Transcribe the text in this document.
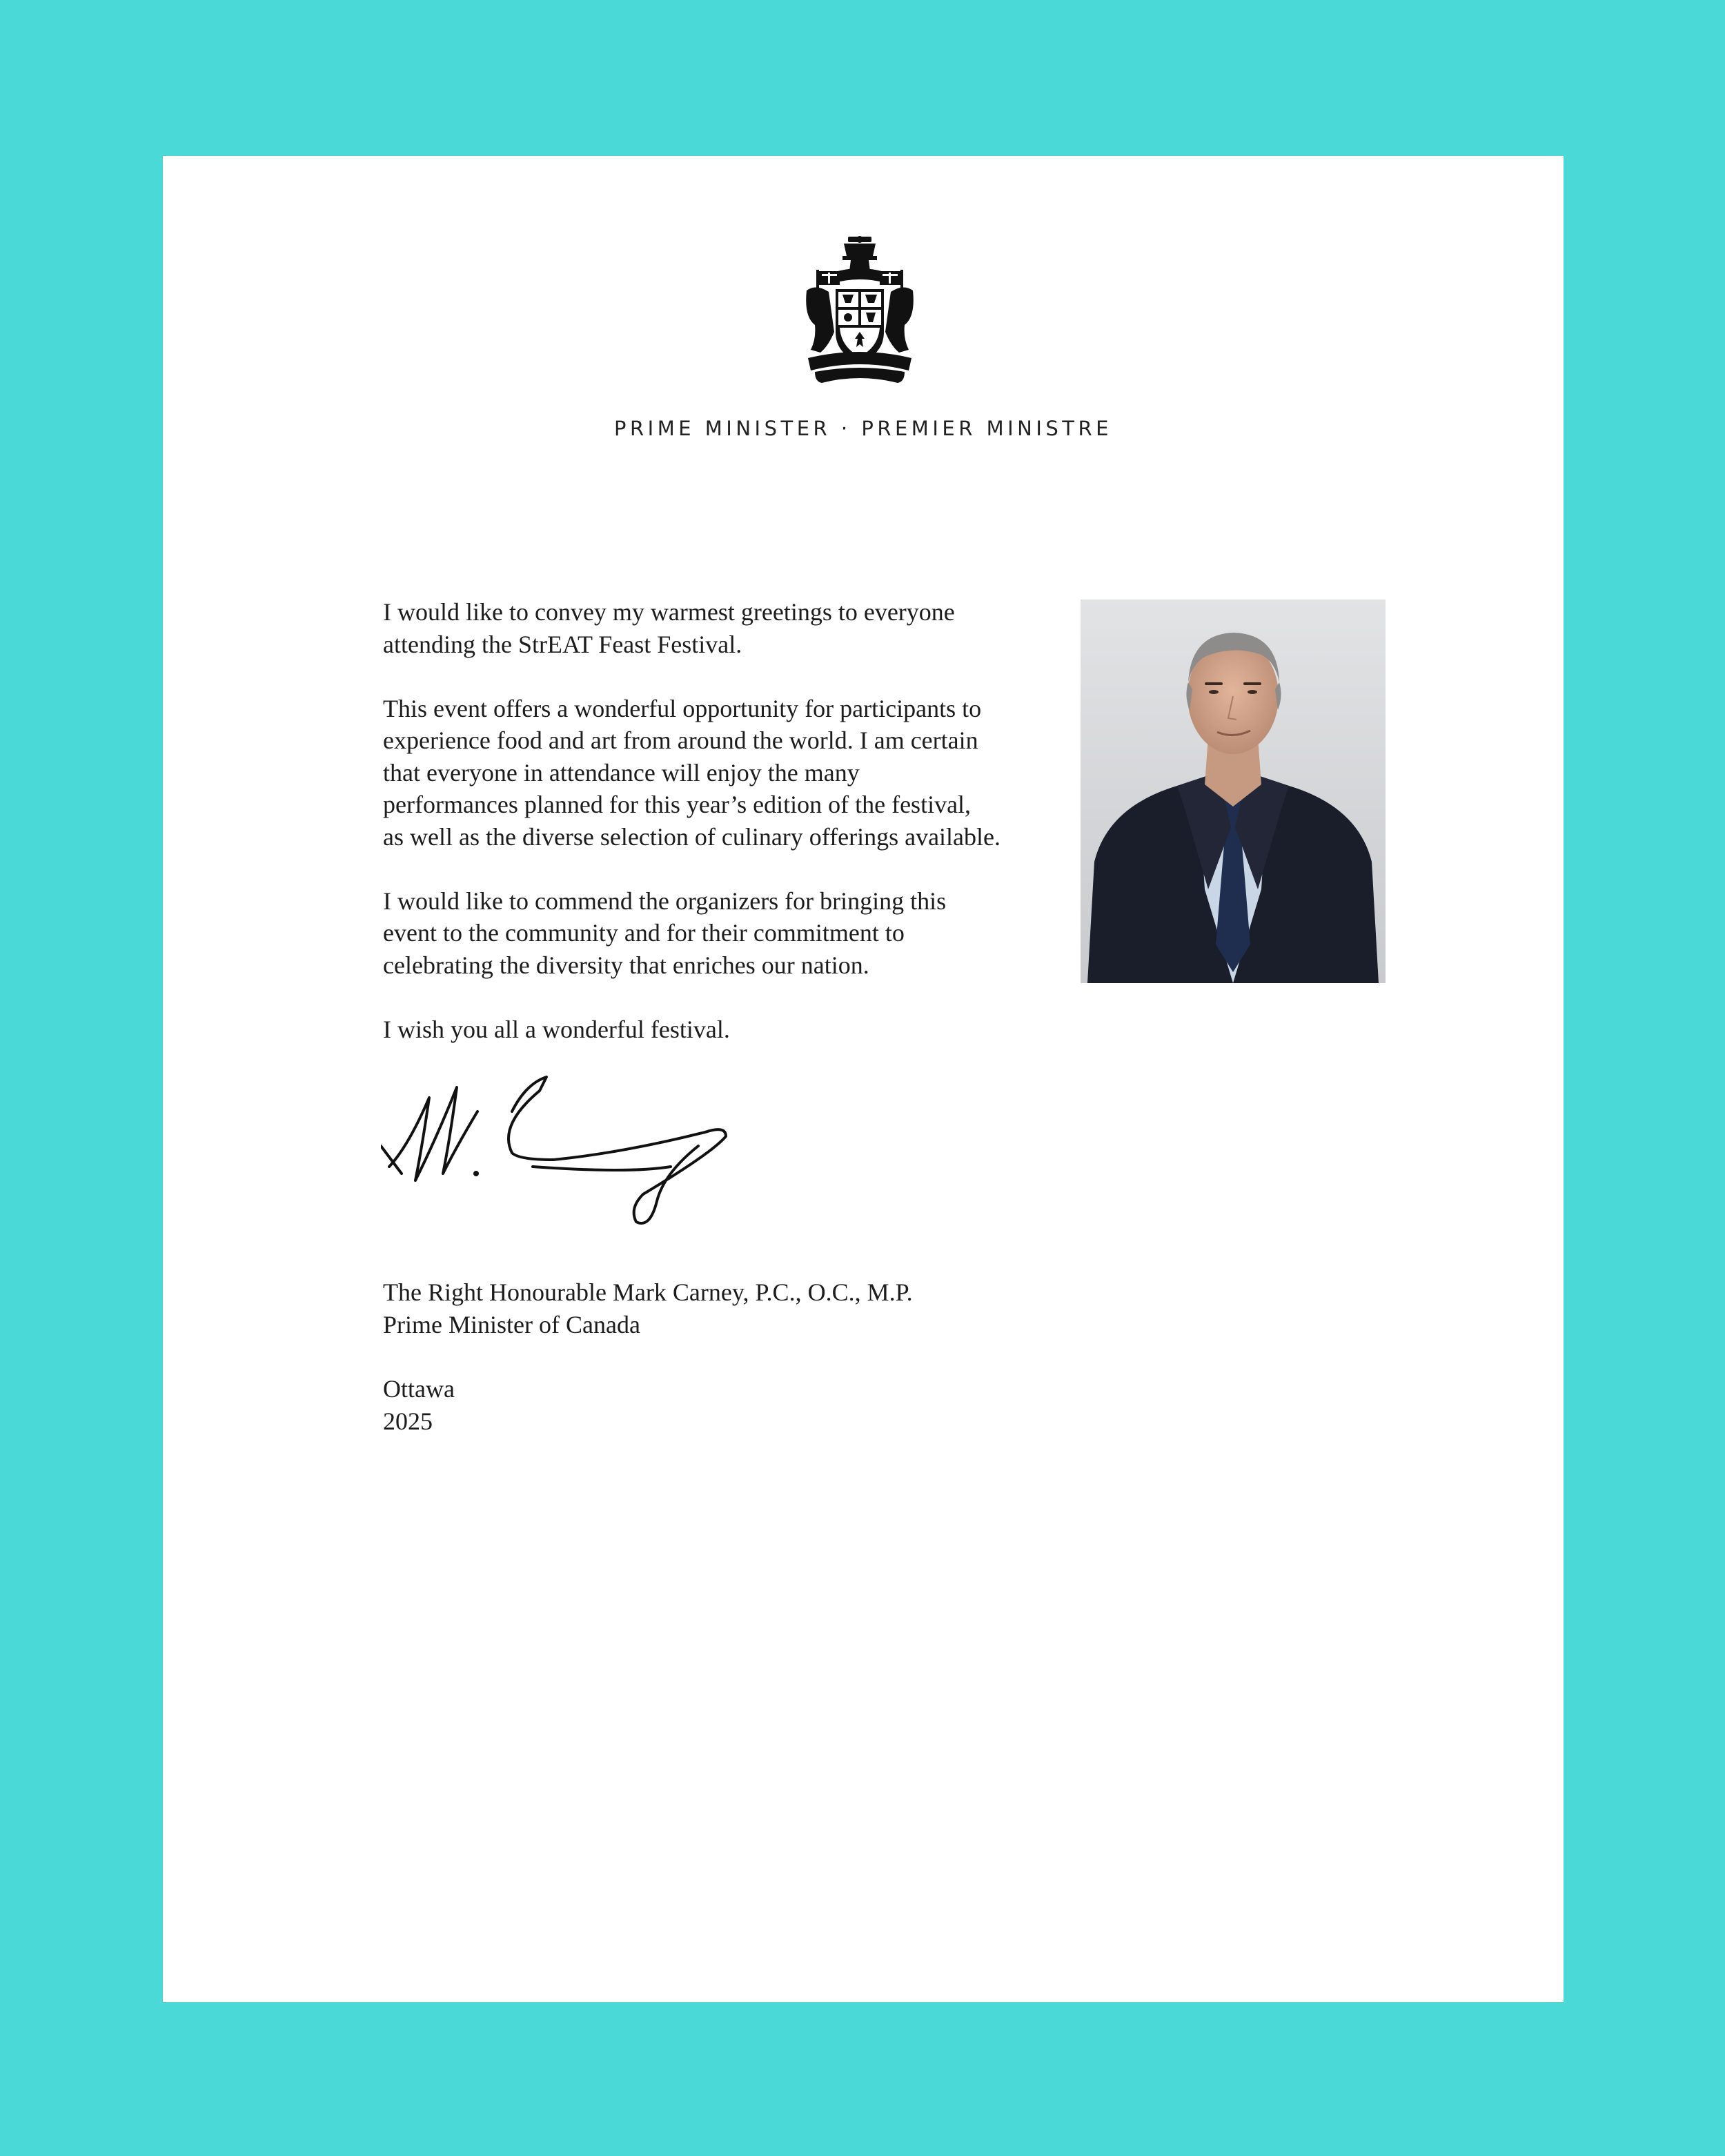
PRIME MINISTER · PREMIER MINISTRE

I would like to convey my warmest greetings to everyone
attending the StrEAT Feast Festival.

This event offers a wonderful opportunity for participants to
experience food and art from around the world. I am certain
that everyone in attendance will enjoy the many
performances planned for this year’s edition of the festival,
as well as the diverse selection of culinary offerings available.

I would like to commend the organizers for bringing this
event to the community and for their commitment to
celebrating the diversity that enriches our nation.

I wish you all a wonderful festival.

The Right Honourable Mark Carney, P.C., O.C., M.P.
Prime Minister of Canada
Ottawa
2025
